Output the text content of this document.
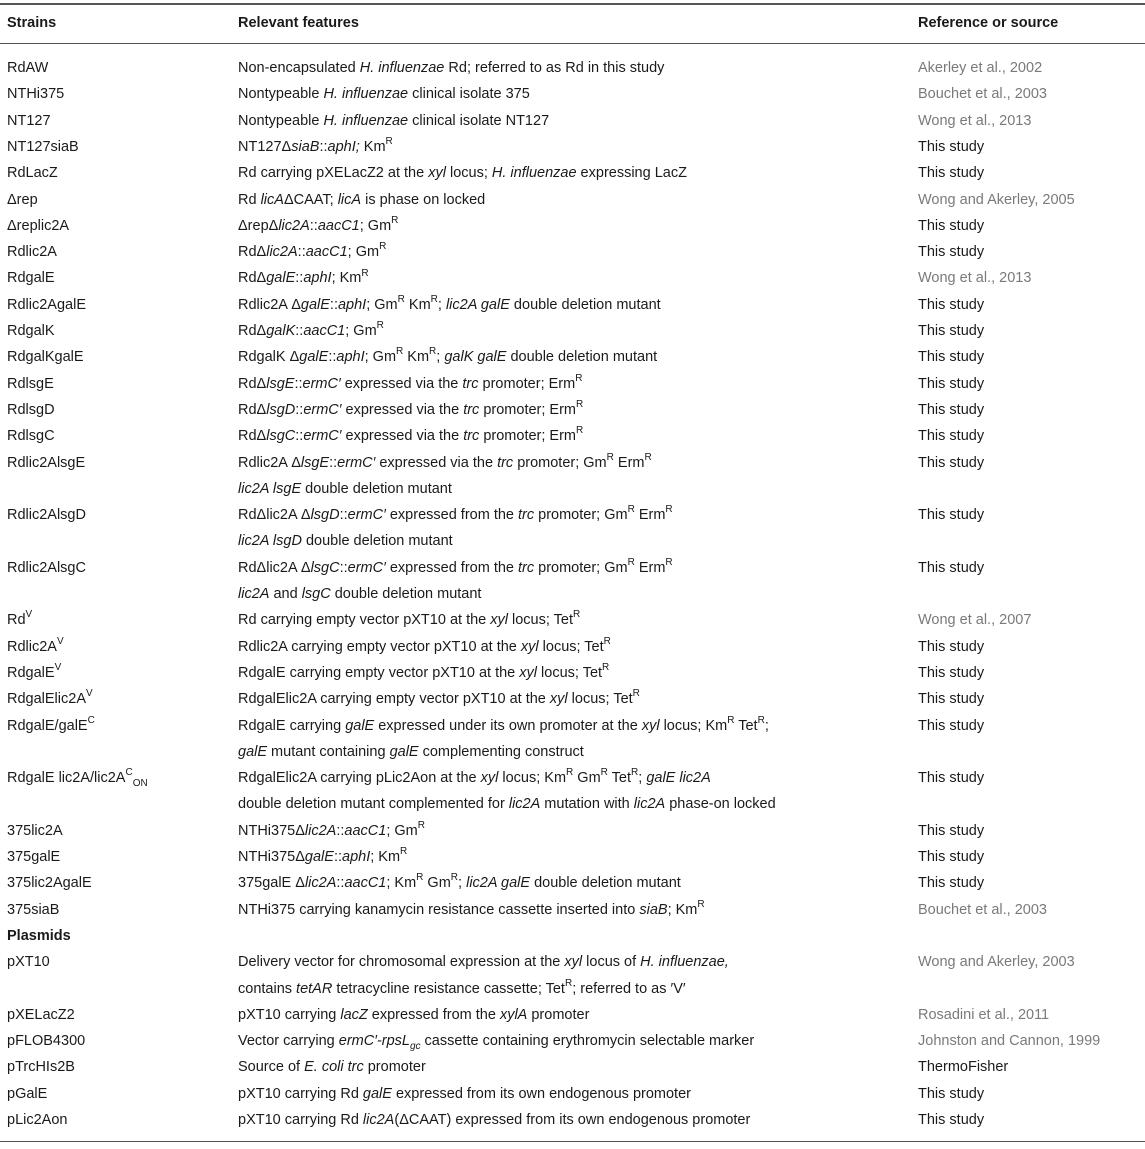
Strains	Relevant features	Reference or source
RdAW	Non-encapsulated H. influenzae Rd; referred to as Rd in this study	Akerley et al., 2002
NTHi375	Nontypeable H. influenzae clinical isolate 375	Bouchet et al., 2003
NT127	Nontypeable H. influenzae clinical isolate NT127	Wong et al., 2013
NT127siaB	NT127ΔsiaB::aphI; $Km^R$	This study
RdLacZ	Rd carrying pXELacZ2 at the xyl locus; H. influenzae expressing LacZ	This study
Δrep	Rd licAΔCAAT; licA is phase on locked	Wong and Akerley, 2005
Δreplic2A	ΔrepΔlic2A::aacC1; $Gm^R$	This study
Rdlic2A	RdΔlic2A::aacC1; $Gm^R$	This study
RdgalE	RdΔgalE::aphI; $Km^R$	Wong et al., 2013
Rdlic2AgalE	Rdlic2A ΔgalE::aphI; $Gm^R$ $Km^R$; lic2A galE double deletion mutant	This study
RdgalK	RdΔgalK::aacC1; $Gm^R$	This study
RdgalKgalE	RdgalK ΔgalE::aphI; $Gm^R$ $Km^R$; galK galE double deletion mutant	This study
RdlsgE	RdΔlsgE::ermC′ expressed via the trc promoter; Erm$^R$	This study
RdlsgD	RdΔlsgD::ermC′ expressed via the trc promoter; Erm$^R$	This study
RdlsgC	RdΔlsgC::ermC′ expressed via the trc promoter; Erm$^R$	This study
Rdlic2AlsgE	Rdlic2A ΔlsgE::ermC′ expressed via the trc promoter; $Gm^R$ Erm$^R$	This study
lic2A lsgE double deletion mutant
Rdlic2AlsgD	RdΔlic2A ΔlsgD::ermC′ expressed from the trc promoter; $Gm^R$ Erm$^R$	This study
lic2A lsgD double deletion mutant
Rdlic2AlsgC	RdΔlic2A ΔlsgC::ermC′ expressed from the trc promoter; $Gm^R$ Erm$^R$	This study
lic2A and lsgC double deletion mutant
$Rd^V$	Rd carrying empty vector pXT10 at the xyl locus; Tet$^R$	Wong et al., 2007
$Rdlic2A^V$	Rdlic2A carrying empty vector pXT10 at the xyl locus; Tet$^R$	This study
RdgalE$^V$	RdgalE carrying empty vector pXT10 at the xyl locus; Tet$^R$	This study
$RdgalElic2A^V$	RdgalElic2A carrying empty vector pXT10 at the xyl locus; Tet$^R$	This study
RdgalE/galE$^C$	RdgalE carrying galE expressed under its own promoter at the xyl locus; $Km^R$ Tet$^R$;	This study
galE mutant containing galE complementing construct
RdgalE $lic2A/lic2A^C_{ON}$	RdgalElic2A carrying pLic2Aon at the xyl locus; $Km^R$ $Gm^R$ Tet$^R$; galE lic2A	This study
double deletion mutant complemented for lic2A mutation with lic2A phase-on locked
375lic2A	NTHi375Δlic2A::aacC1; $Gm^R$	This study
375galE	NTHi375ΔgalE::aphI; $Km^R$	This study
375lic2AgalE	375galE Δlic2A::aacC1; $Km^R$ $Gm^R$; lic2A galE double deletion mutant	This study
375siaB	NTHi375 carrying kanamycin resistance cassette inserted into siaB; $Km^R$	Bouchet et al., 2003
Plasmids
pXT10	Delivery vector for chromosomal expression at the xyl locus of H. influenzae,	Wong and Akerley, 2003
contains tetAR tetracycline resistance cassette; Tet$^R$; referred to as ′V′
pXELacZ2	pXT10 carrying lacZ expressed from the xylA promoter	Rosadini et al., 2011
pFLOB4300	Vector carrying ermC′-rpsL$_{gc}$ cassette containing erythromycin selectable marker	Johnston and Cannon, 1999
pTrcHIs2B	Source of E. coli trc promoter	ThermoFisher
pGalE	pXT10 carrying Rd galE expressed from its own endogenous promoter	This study
pLic2Aon	pXT10 carrying Rd lic2A(ΔCAAT) expressed from its own endogenous promoter	This study
